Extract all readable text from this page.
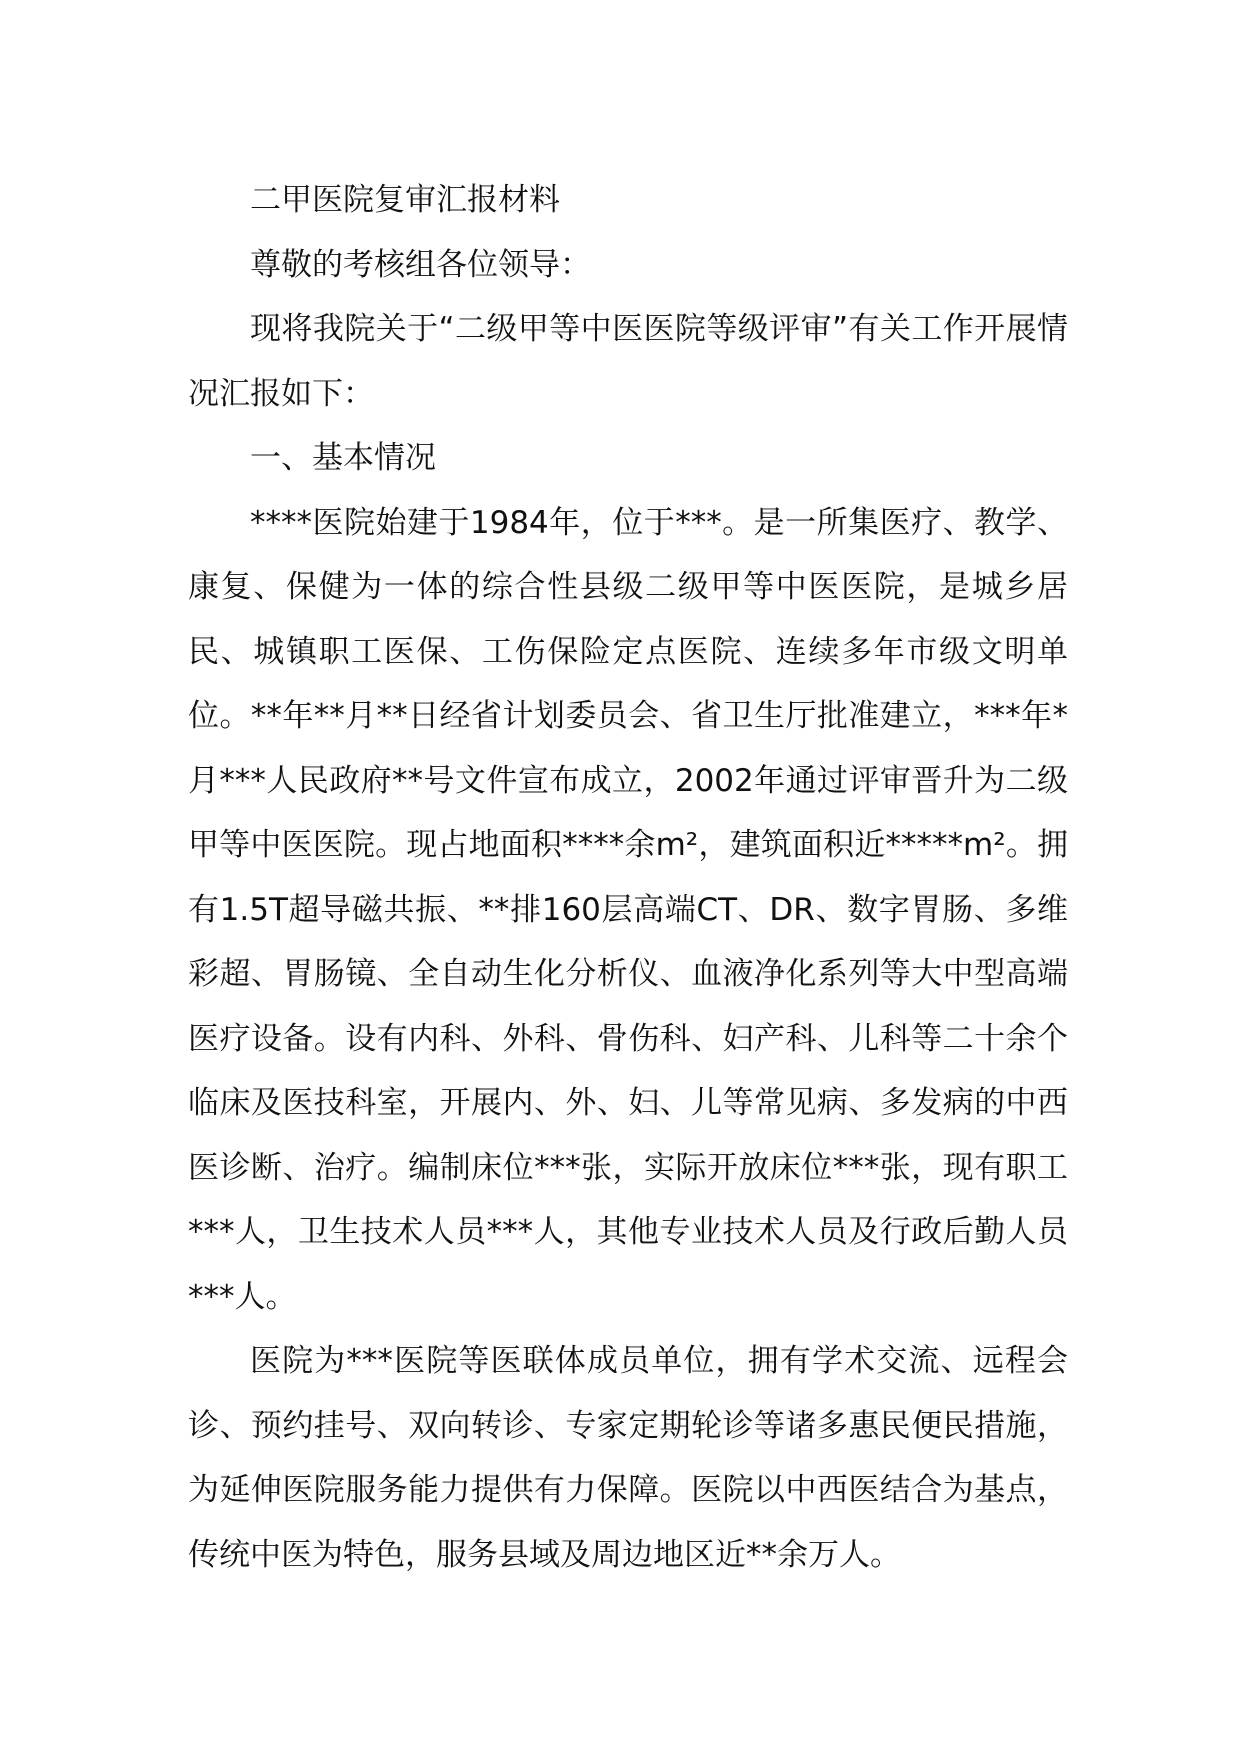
二甲医院复审汇报材料

尊敬的考核组各位领导：

现将我院关于“二级甲等中医医院等级评审”有关工作开展情况汇报如下：

一、基本情况

****医院始建于1984年，位于***。是一所集医疗、教学、康复、保健为一体的综合性县级二级甲等中医医院，是城乡居民、城镇职工医保、工伤保险定点医院、连续多年市级文明单位。**年**月**日经省计划委员会、省卫生厅批准建立，***年*月***人民政府**号文件宣布成立，2002年通过评审晋升为二级甲等中医医院。现占地面积****余m²，建筑面积近*****m²。拥有1.5T超导磁共振、**排160层高端CT、DR、数字胃肠、多维彩超、胃肠镜、全自动生化分析仪、血液净化系列等大中型高端医疗设备。设有内科、外科、骨伤科、妇产科、儿科等二十余个临床及医技科室，开展内、外、妇、儿等常见病、多发病的中西医诊断、治疗。编制床位***张，实际开放床位***张，现有职工***人，卫生技术人员***人，其他专业技术人员及行政后勤人员***人。

医院为***医院等医联体成员单位，拥有学术交流、远程会诊、预约挂号、双向转诊、专家定期轮诊等诸多惠民便民措施，为延伸医院服务能力提供有力保障。医院以中西医结合为基点，传统中医为特色，服务县域及周边地区近**余万人。
